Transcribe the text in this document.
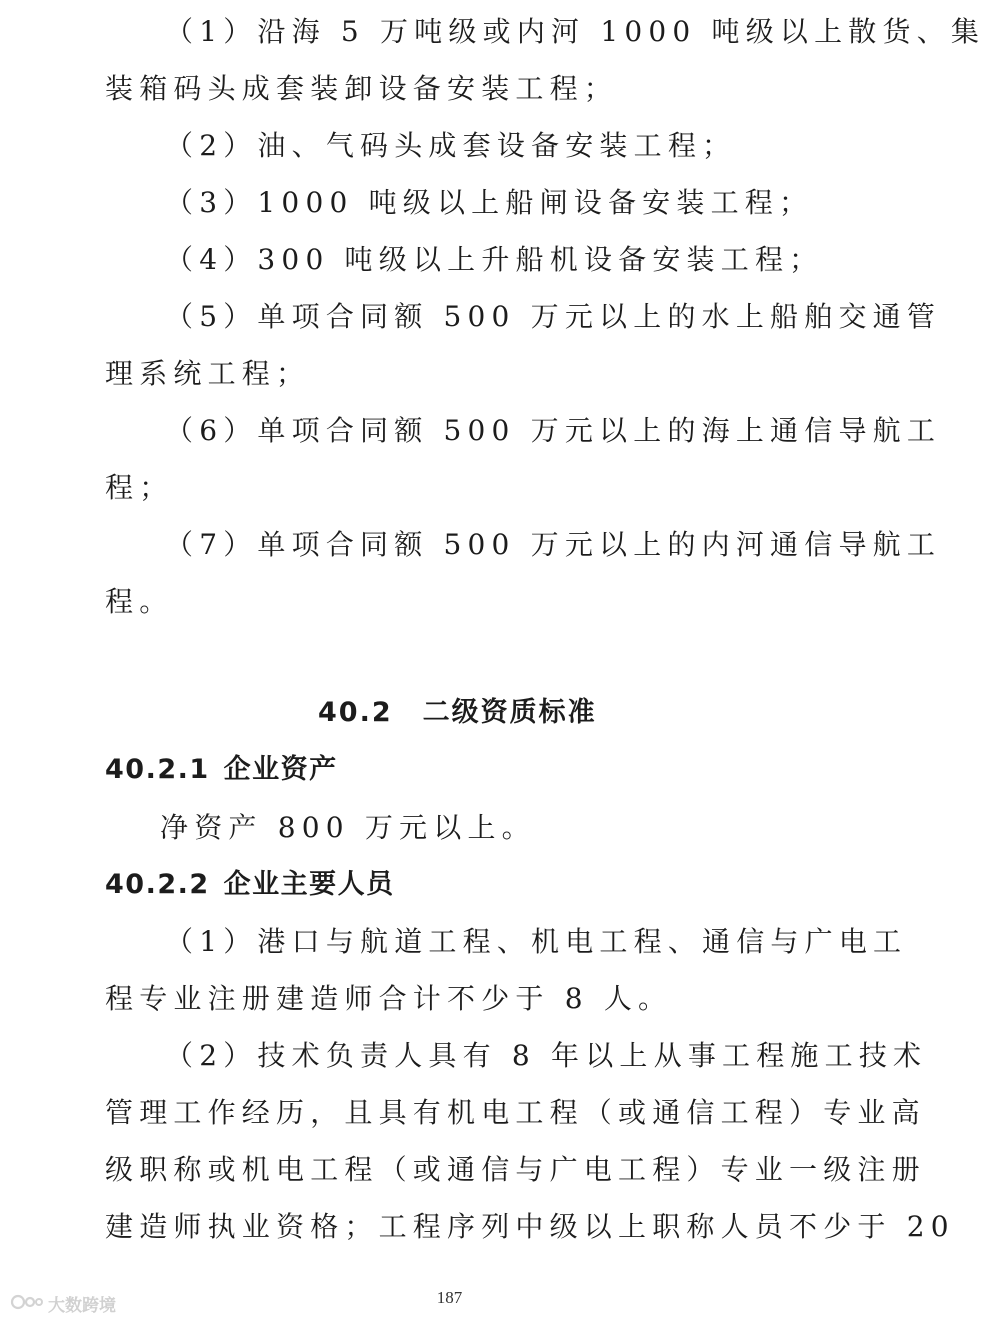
（1）沿海 5 万吨级或内河 1000 吨级以上散货、集
装箱码头成套装卸设备安装工程；
（2）油、气码头成套设备安装工程；
（3）1000 吨级以上船闸设备安装工程；
（4）300 吨级以上升船机设备安装工程；
（5）单项合同额 500 万元以上的水上船舶交通管
理系统工程；
（6）单项合同额 500 万元以上的海上通信导航工
程；
（7）单项合同额 500 万元以上的内河通信导航工
程。
40.2 二级资质标准
40.2.1 企业资产
净资产 800 万元以上。
40.2.2 企业主要人员
（1）港口与航道工程、机电工程、通信与广电工
程专业注册建造师合计不少于 8 人。
（2）技术负责人具有 8 年以上从事工程施工技术
管理工作经历，且具有机电工程（或通信工程）专业高
级职称或机电工程（或通信与广电工程）专业一级注册
建造师执业资格；工程序列中级以上职称人员不少于 20
187
大数跨境
